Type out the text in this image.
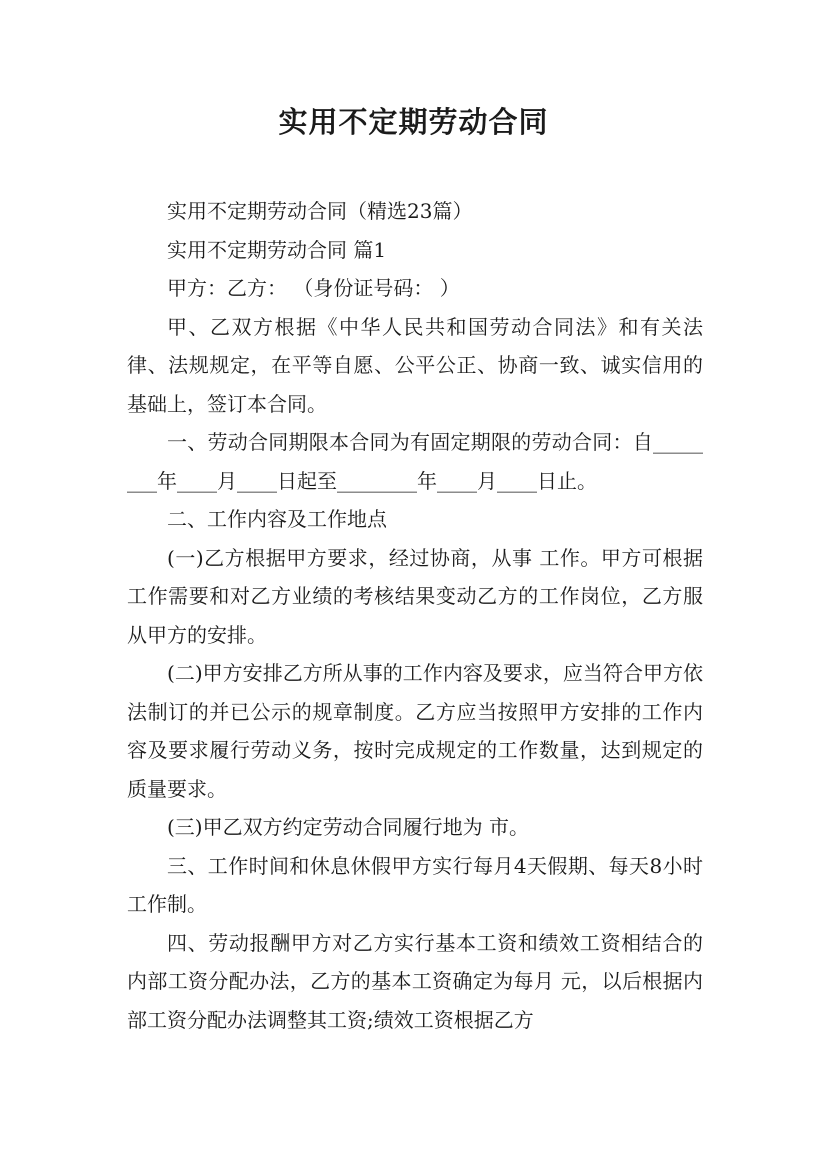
实用不定期劳动合同

实用不定期劳动合同（精选23篇）

实用不定期劳动合同 篇1

甲方：乙方： （身份证号码： ）

甲、乙双方根据《中华人民共和国劳动合同法》和有关法律、法规规定，在平等自愿、公平公正、协商一致、诚实信用的基础上，签订本合同。

一、劳动合同期限本合同为有固定期限的劳动合同：自________年____月____日起至________年____月____日止。

二、工作内容及工作地点

(一)乙方根据甲方要求，经过协商，从事 工作。甲方可根据工作需要和对乙方业绩的考核结果变动乙方的工作岗位，乙方服从甲方的安排。

(二)甲方安排乙方所从事的工作内容及要求，应当符合甲方依法制订的并已公示的规章制度。乙方应当按照甲方安排的工作内容及要求履行劳动义务，按时完成规定的工作数量，达到规定的质量要求。

(三)甲乙双方约定劳动合同履行地为 市。

三、工作时间和休息休假甲方实行每月4天假期、每天8小时工作制。

四、劳动报酬甲方对乙方实行基本工资和绩效工资相结合的内部工资分配办法，乙方的基本工资确定为每月 元，以后根据内部工资分配办法调整其工资;绩效工资根据乙方
